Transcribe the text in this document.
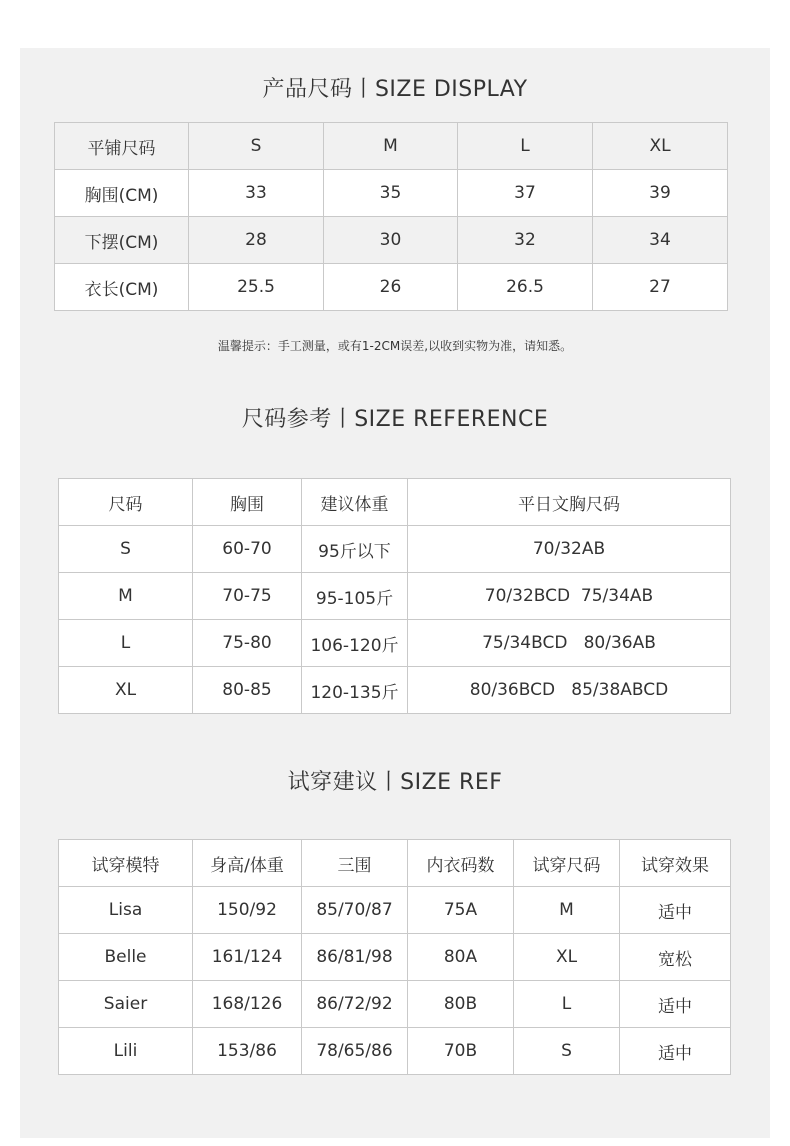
产品尺码丨SIZE DISPLAY
平铺尺码	S	M	L	XL
胸围(CM)	33	35	37	39
下摆(CM)	28	30	32	34
衣长(CM)	25.5	26	26.5	27
温馨提示：手工测量，或有1-2CM误差,以收到实物为准，请知悉。
尺码参考丨SIZE REFERENCE
尺码	胸围	建议体重	平日文胸尺码
S	60-70	95斤以下	70/32AB
M	70-75	95-105斤	70/32BCD  75/34AB
L	75-80	106-120斤	75/34BCD   80/36AB
XL	80-85	120-135斤	80/36BCD   85/38ABCD
试穿建议丨SIZE REF
试穿模特	身高/体重	三围	内衣码数	试穿尺码	试穿效果
Lisa	150/92	85/70/87	75A	M	适中
Belle	161/124	86/81/98	80A	XL	宽松
Saier	168/126	86/72/92	80B	L	适中
Lili	153/86	78/65/86	70B	S	适中
